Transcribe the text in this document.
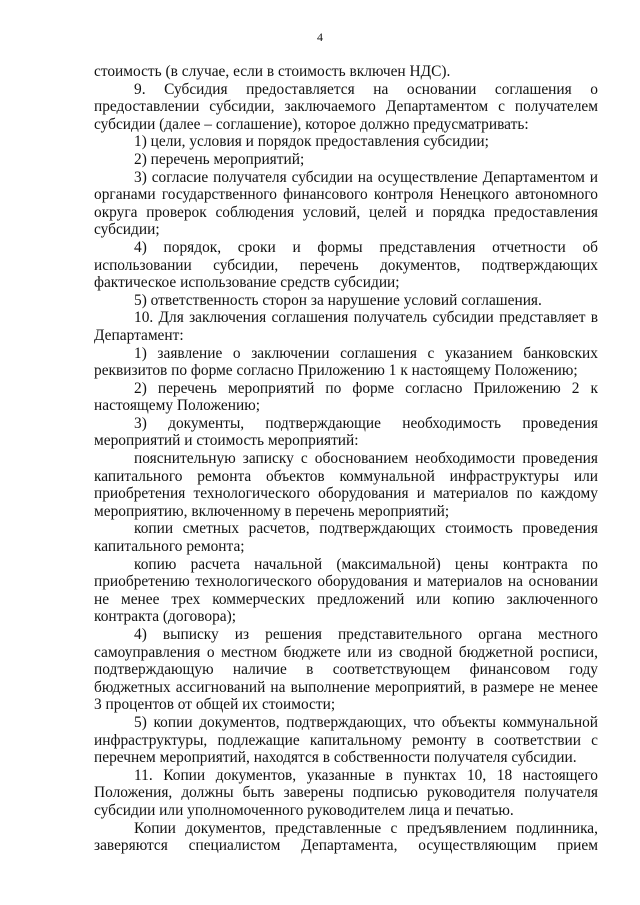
4

стоимость (в случае, если в стоимость включен НДС).

9. Субсидия предоставляется на основании соглашения о предоставлении субсидии, заключаемого Департаментом с получателем субсидии (далее – соглашение), которое должно предусматривать:

1) цели, условия и порядок предоставления субсидии;

2) перечень мероприятий;

3) согласие получателя субсидии на осуществление Департаментом и органами государственного финансового контроля Ненецкого автономного округа проверок соблюдения условий, целей и порядка предоставления субсидии;

4) порядок, сроки и формы представления отчетности об использовании субсидии, перечень документов, подтверждающих фактическое использование средств субсидии;

5) ответственность сторон за нарушение условий соглашения.

10. Для заключения соглашения получатель субсидии представляет в Департамент:

1) заявление о заключении соглашения с указанием банковских реквизитов по форме согласно Приложению 1 к настоящему Положению;

2) перечень мероприятий по форме согласно Приложению 2 к настоящему Положению;

3) документы, подтверждающие необходимость проведения мероприятий и стоимость мероприятий:

пояснительную записку с обоснованием необходимости проведения капитального ремонта объектов коммунальной инфраструктуры или приобретения технологического оборудования и материалов по каждому мероприятию, включенному в перечень мероприятий;

копии сметных расчетов, подтверждающих стоимость проведения капитального ремонта;

копию расчета начальной (максимальной) цены контракта по приобретению технологического оборудования и материалов на основании не менее трех коммерческих предложений или копию заключенного контракта (договора);

4) выписку из решения представительного органа местного самоуправления о местном бюджете или из сводной бюджетной росписи, подтверждающую наличие в соответствующем финансовом году бюджетных ассигнований на выполнение мероприятий, в размере не менее 3 процентов от общей их стоимости;

5) копии документов, подтверждающих, что объекты коммунальной инфраструктуры, подлежащие капитальному ремонту в соответствии с перечнем мероприятий, находятся в собственности получателя субсидии.

11. Копии документов, указанные в пунктах 10, 18 настоящего Положения, должны быть заверены подписью руководителя получателя субсидии или уполномоченного руководителем лица и печатью.

Копии документов, представленные с предъявлением подлинника, заверяются специалистом Департамента, осуществляющим прием
